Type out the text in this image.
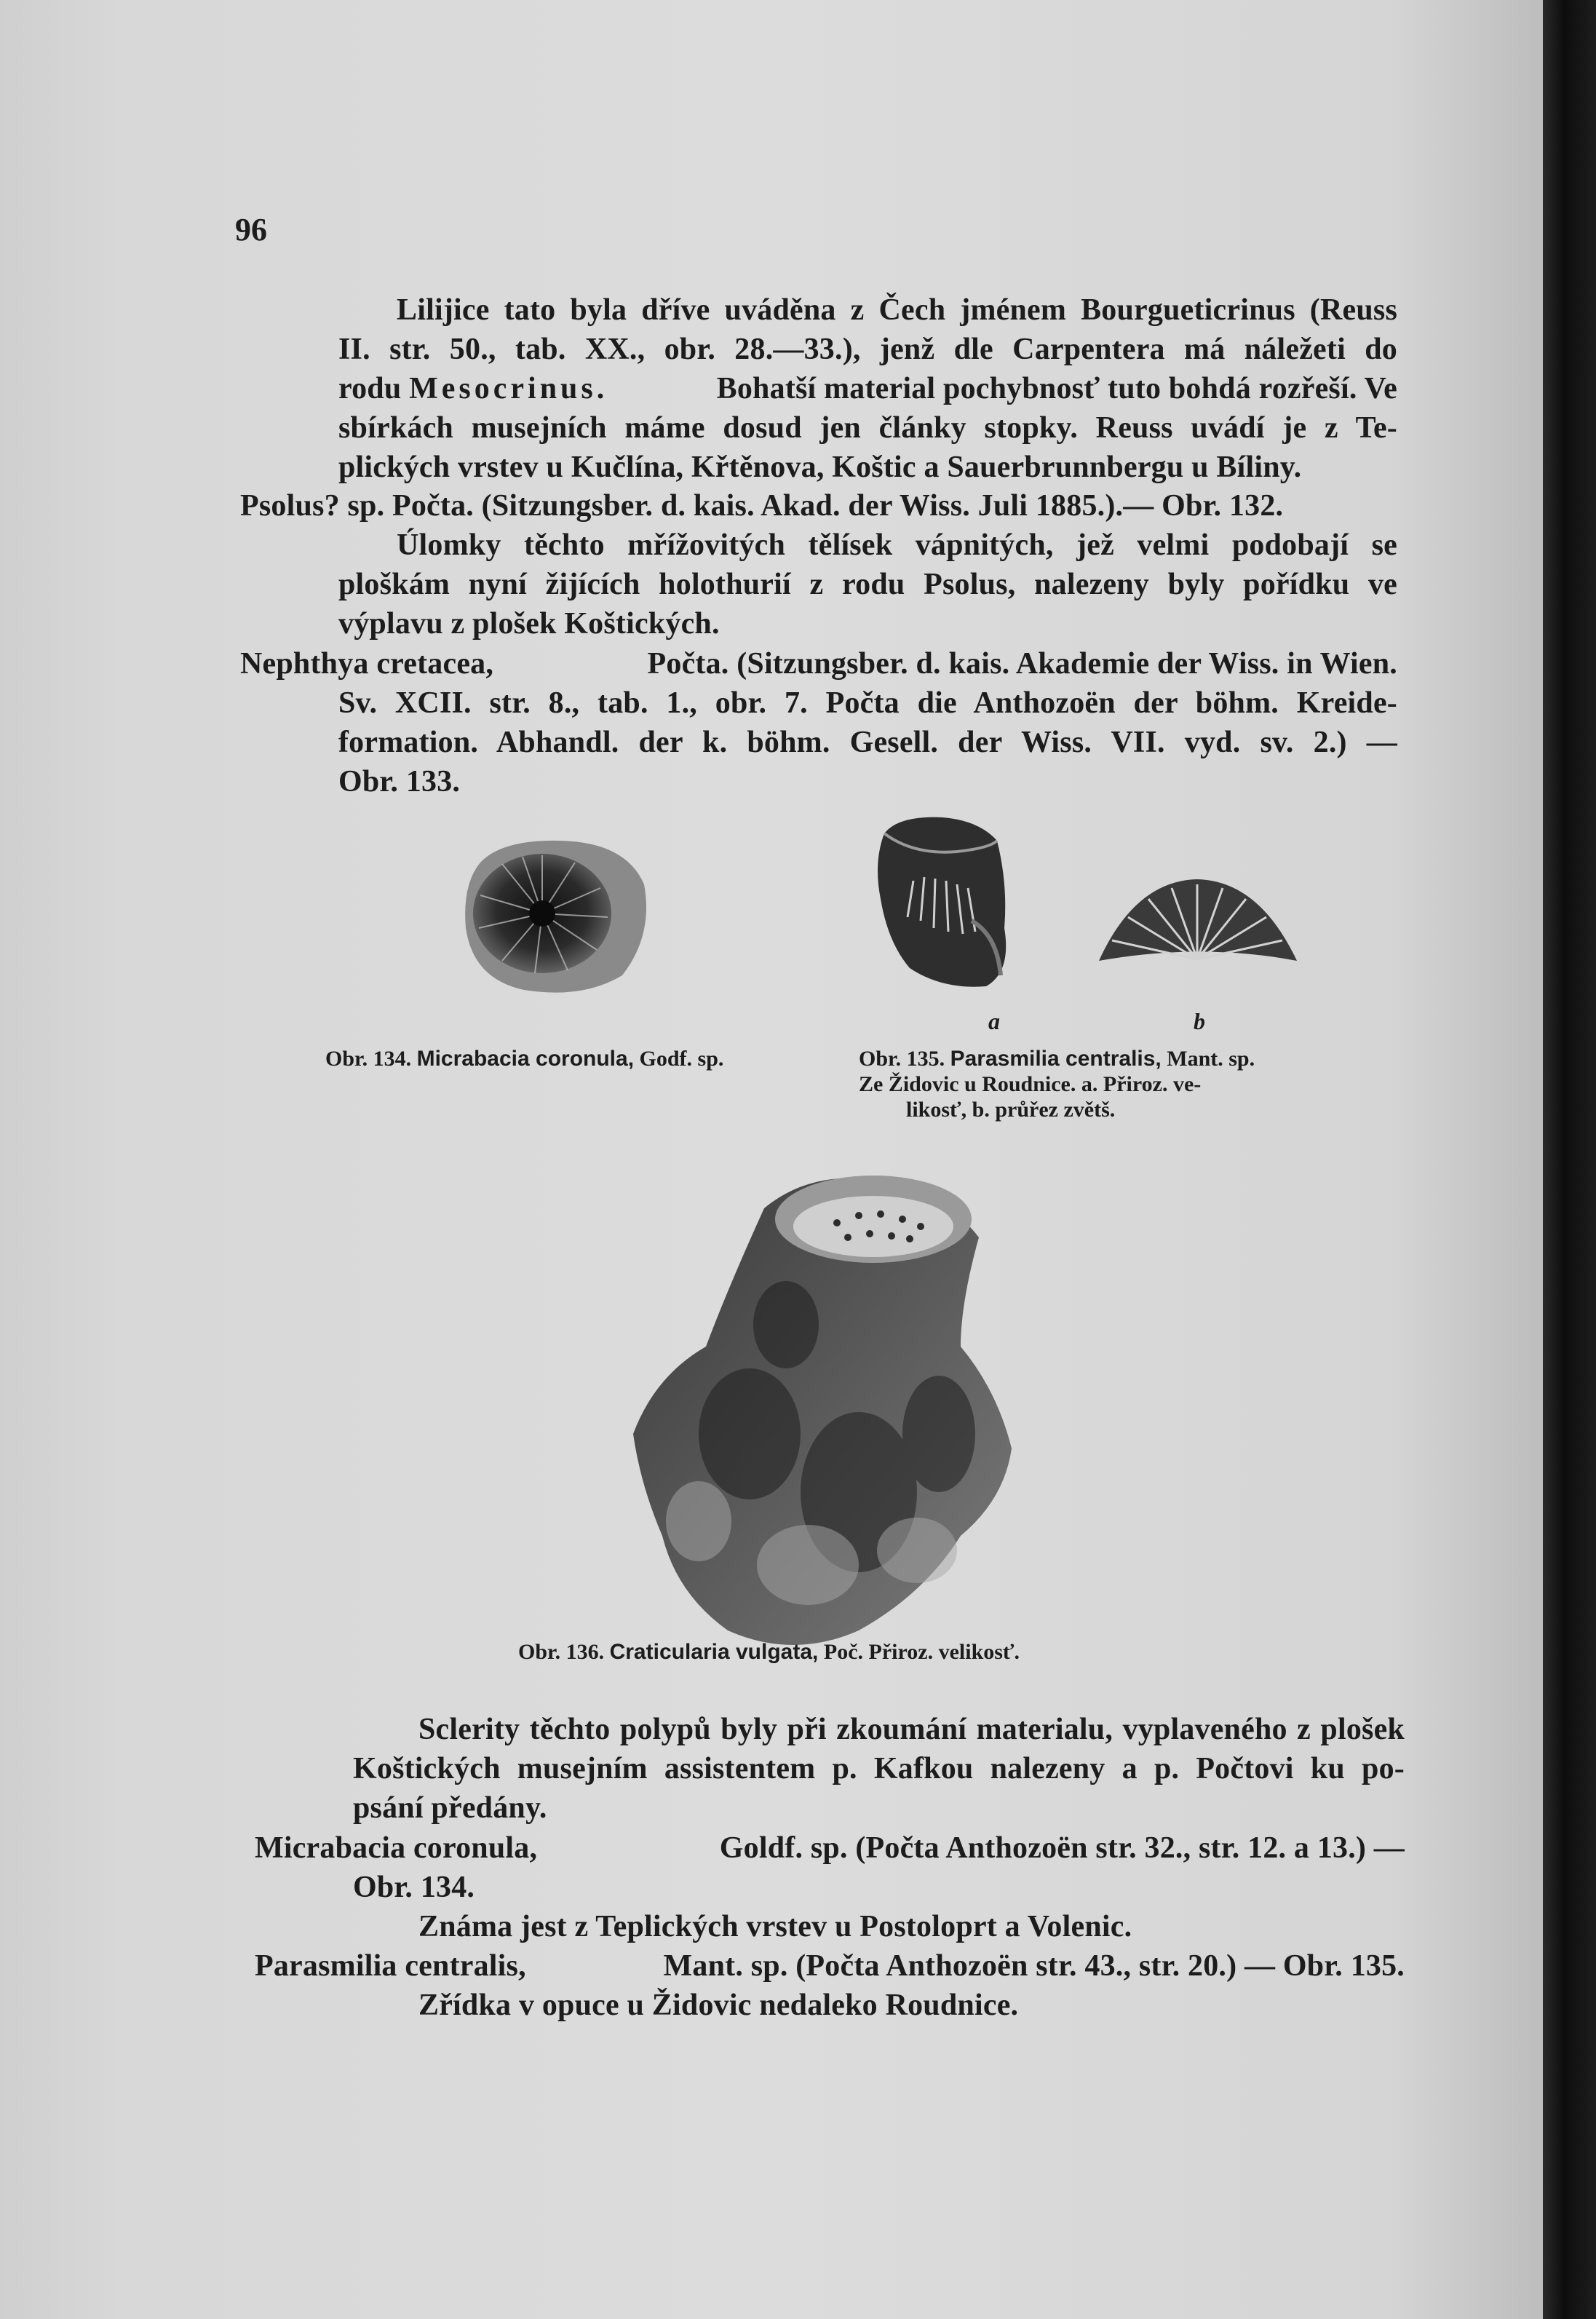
96
Lilijice tato byla dříve uváděna z Čech jménem Bourgueticrinus (Reuss
II. str. 50., tab. XX., obr. 28.—33.), jenž dle Carpentera má náležeti do
rodu Mesocrinus.	Bohatší material pochybnosť tuto bohdá rozřeší. Ve
sbírkách musejních máme dosud jen články stopky. Reuss uvádí je z Te-
plických vrstev u Kučlína, Křtěnova, Koštic a Sauerbrunnbergu u Bíliny.
Psolus? sp. Počta. (Sitzungsber. d. kais. Akad. der Wiss. Juli 1885.).— Obr. 132.
Úlomky těchto mřížovitých tělísek vápnitých, jež velmi podobají se
ploškám nyní žijících holothurií z rodu Psolus, nalezeny byly pořídku ve
výplavu z plošek Koštických.
Nephthya cretacea,	Počta. (Sitzungsber. d. kais. Akademie der Wiss. in Wien.
Sv. XCII. str. 8., tab. 1., obr. 7. Počta die Anthozoën der böhm. Kreide-
formation. Abhandl. der k. böhm. Gesell. der Wiss. VII. vyd. sv. 2.) —
Obr. 133.
a	b
Obr. 134. Micrabacia coronula, Godf. sp.	Obr. 135. Parasmilia centralis, Mant. sp.
Ze Židovic u Roudnice. a. Přiroz. ve-
likosť, b. průřez zvětš.
Obr. 136. Craticularia vulgata, Poč. Přiroz. velikosť.
Sclerity těchto polypů byly při zkoumání materialu, vyplaveného z plošek
Koštických musejním assistentem p. Kafkou nalezeny a p. Počtovi ku po-
psání předány.
Micrabacia coronula,	Goldf. sp. (Počta Anthozoën str. 32., str. 12. a 13.) —
Obr. 134.
Známa jest z Teplických vrstev u Postoloprt a Volenic.
Parasmilia centralis,	Mant. sp. (Počta Anthozoën str. 43., str. 20.) — Obr. 135.
Zřídka v opuce u Židovic nedaleko Roudnice.
